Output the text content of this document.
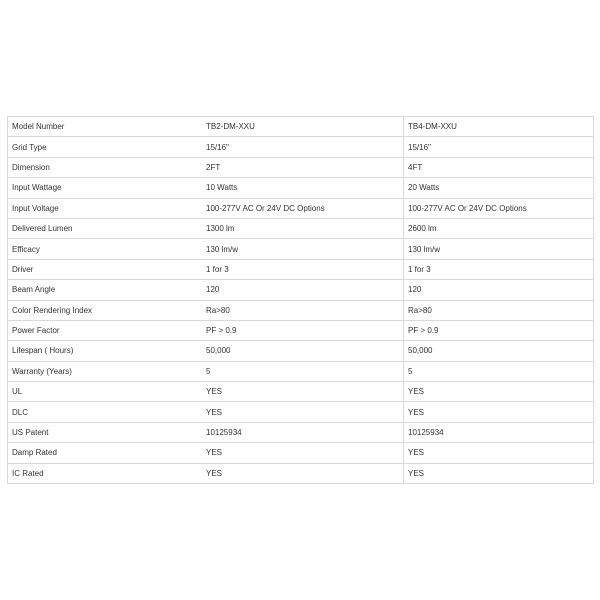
Model Number	TB2-DM-XXU	TB4-DM-XXU
Grid Type	15/16"	15/16"
Dimension	2FT	4FT
Input Wattage	10 Watts	20 Watts
Input Voltage	100-277V AC Or 24V DC Options	100-277V AC Or 24V DC Options
Delivered Lumen	1300 lm	2600 lm
Efficacy	130 lm/w	130 lm/w
Driver	1 for 3	1 for 3
Beam Angle	120	120
Color Rendering Index	Ra>80	Ra>80
Power Factor	PF > 0.9	PF > 0.9
Lifespan ( Hours)	50,000	50,000
Warranty (Years)	5	5
UL	YES	YES
DLC	YES	YES
US Patent	10125934	10125934
Damp Rated	YES	YES
IC Rated	YES	YES
